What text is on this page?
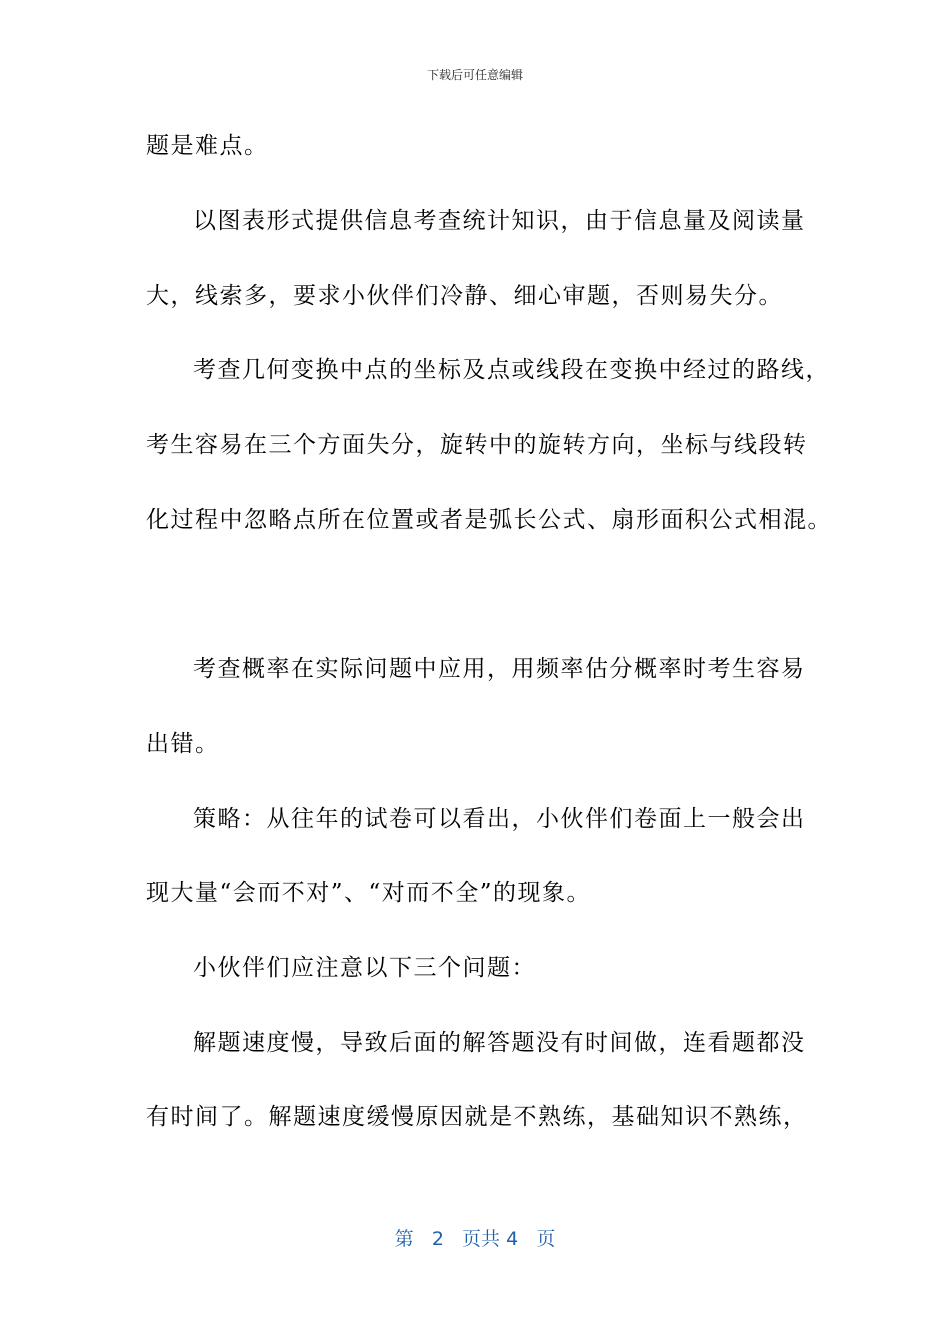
下载后可任意编辑
题是难点。
以图表形式提供信息考查统计知识，由于信息量及阅读量
大，线索多，要求小伙伴们冷静、细心审题，否则易失分。
考查几何变换中点的坐标及点或线段在变换中经过的路线，
考生容易在三个方面失分，旋转中的旋转方向，坐标与线段转
化过程中忽略点所在位置或者是弧长公式、扇形面积公式相混。
考查概率在实际问题中应用，用频率估分概率时考生容易
出错。
策略：从往年的试卷可以看出，小伙伴们卷面上一般会出
现大量“会而不对”、“对而不全”的现象。
小伙伴们应注意以下三个问题：
解题速度慢，导致后面的解答题没有时间做，连看题都没
有时间了。解题速度缓慢原因就是不熟练，基础知识不熟练，
第 2 页共 4 页
